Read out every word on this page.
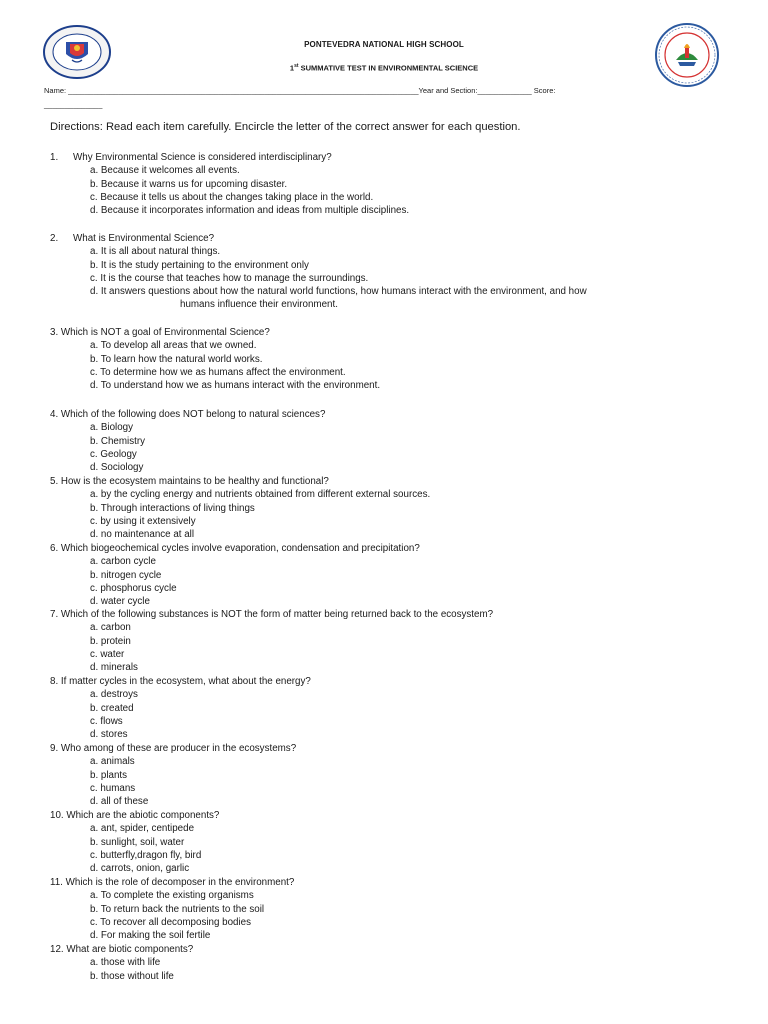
PONTEVEDRA NATIONAL HIGH SCHOOL
1st SUMMATIVE TEST IN ENVIRONMENTAL SCIENCE
Name: ____________________________________________________________________________________Year and Section:_____________ Score:
______________
Directions: Read each item carefully. Encircle the letter of the correct answer for each question.
1. Why Environmental Science is considered interdisciplinary?
a. Because it welcomes all events.
b. Because it warns us for upcoming disaster.
c. Because it tells us about the changes taking place in the world.
d. Because it incorporates information and ideas from multiple disciplines.
2. What is Environmental Science?
a. It is all about natural things.
b. It is the study pertaining to the environment only
c. It is the course that teaches how to manage the surroundings.
d. It answers questions about how the natural world functions, how humans interact with the environment, and how
humans influence their environment.
3. Which is NOT a goal of Environmental Science?
a. To develop all areas that we owned.
b. To learn how the natural world works.
c. To determine how we as humans affect the environment.
d. To understand how we as humans interact with the environment.
4. Which of the following does NOT belong to natural sciences?
a. Biology
b. Chemistry
c. Geology
d. Sociology
5. How is the ecosystem maintains to be healthy and functional?
a. by the cycling energy and nutrients obtained from different external sources.
b. Through interactions of living things
c. by using it extensively
d. no maintenance at all
6. Which biogeochemical cycles involve evaporation, condensation and precipitation?
a. carbon cycle
b. nitrogen cycle
c. phosphorus cycle
d. water cycle
7. Which of the following substances is NOT the form of matter being returned back to the ecosystem?
a. carbon
b. protein
c. water
d. minerals
8. If matter cycles in the ecosystem, what about the energy?
a. destroys
b. created
c. flows
d. stores
9. Who among of these are producer in the ecosystems?
a. animals
b. plants
c. humans
d. all of these
10. Which are the abiotic components?
a. ant, spider, centipede
b. sunlight, soil, water
c. butterfly,dragon fly, bird
d. carrots, onion, garlic
11. Which is the role of decomposer in the environment?
a. To complete the existing organisms
b. To return back the nutrients to the soil
c. To recover all decomposing bodies
d. For making the soil fertile
12. What are biotic components?
a. those with life
b. those without life
